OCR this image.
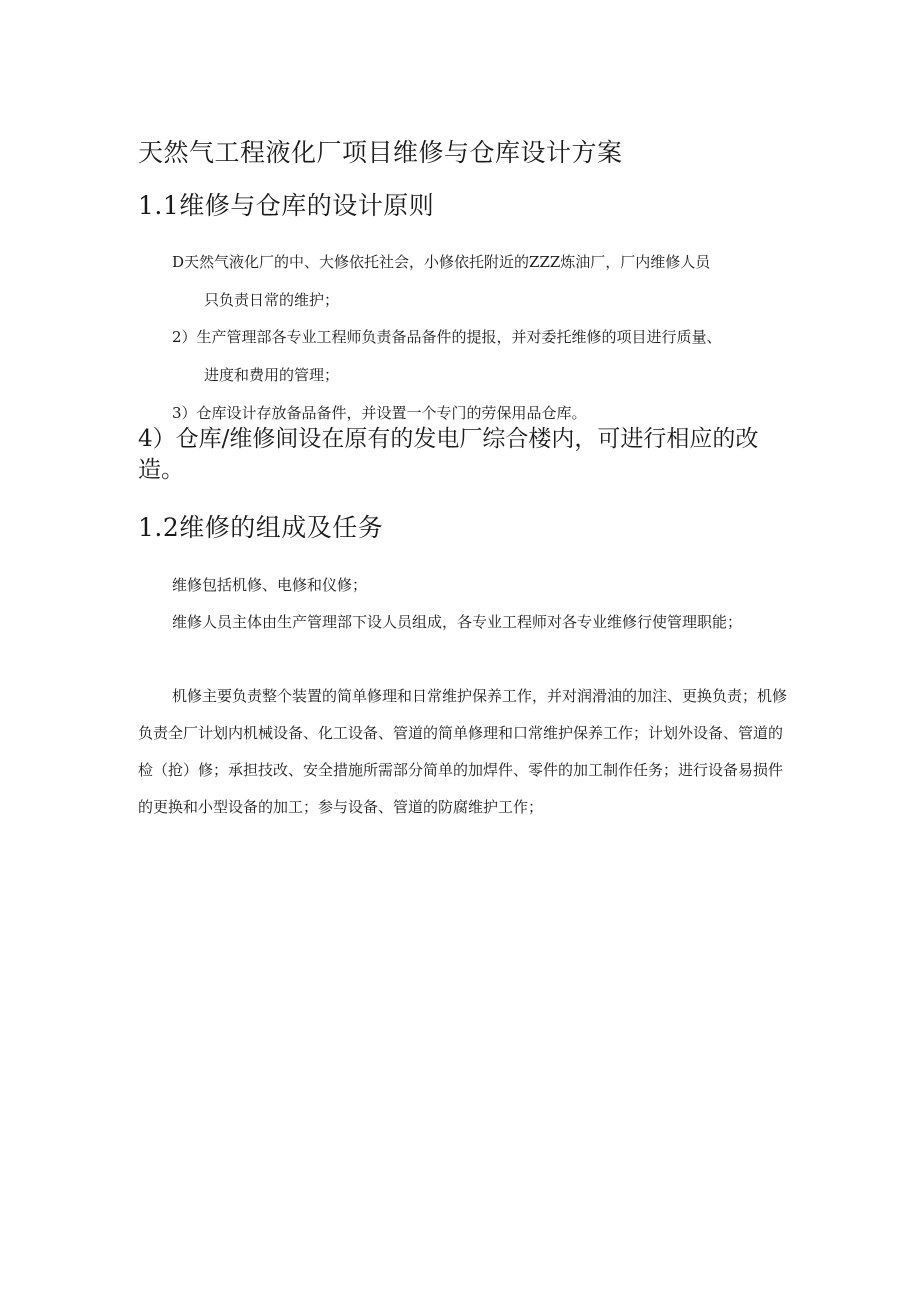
天然气工程液化厂项目维修与仓库设计方案
1.1维修与仓库的设计原则

D天然气液化厂的中、大修依托社会，小修依托附近的ZZZ炼油厂，厂内维修人员
只负责日常的维护；

2）生产管理部各专业工程师负责备品备件的提报，并对委托维修的项目进行质量、
进度和费用的管理；

3）仓库设计存放备品备件，并设置一个专门的劳保用品仓库。

4）仓库/维修间设在原有的发电厂综合楼内，可进行相应的改造。

1.2维修的组成及任务

维修包括机修、电修和仪修；

维修人员主体由生产管理部下设人员组成，各专业工程师对各专业维修行使管理职能；

机修主要负责整个装置的简单修理和日常维护保养工作，并对润滑油的加注、更换负责；机修负责全厂计划内机械设备、化工设备、管道的简单修理和口常维护保养工作；计划外设备、管道的检（抢）修；承担技改、安全措施所需部分简单的加焊件、零件的加工制作任务；进行设备易损件的更换和小型设备的加工；参与设备、管道的防腐维护工作；
